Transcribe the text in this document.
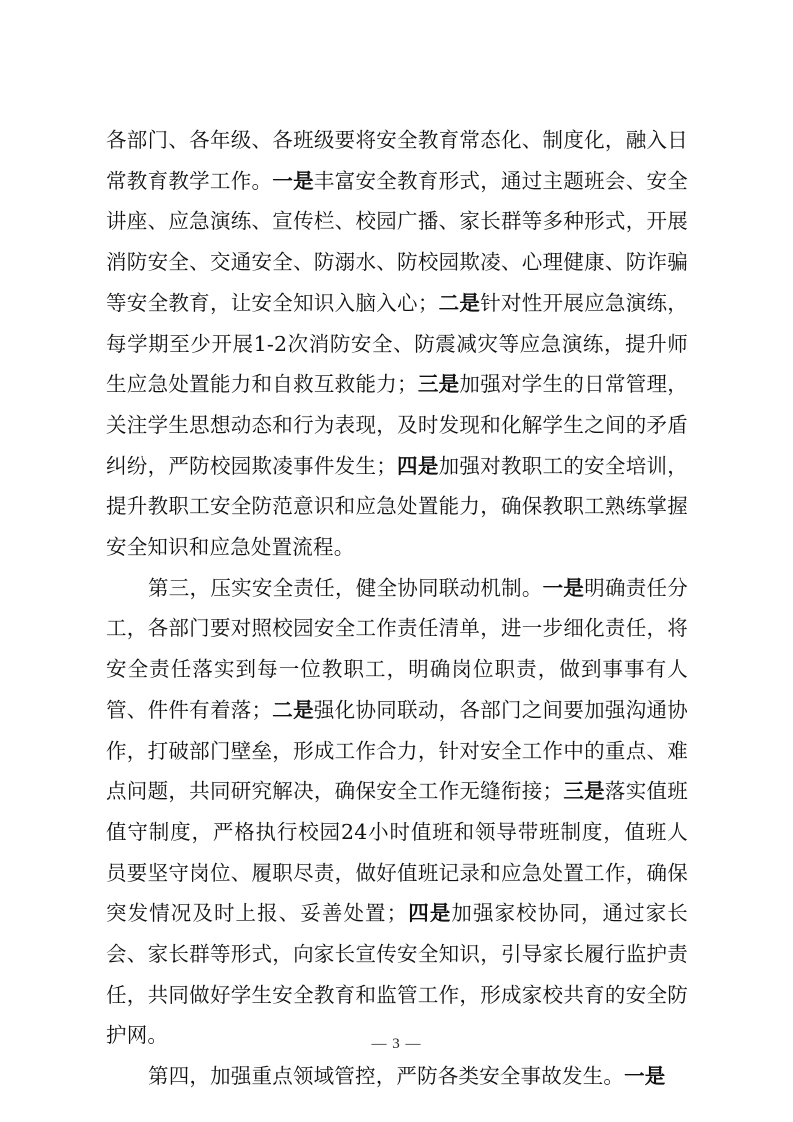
各部门、各年级、各班级要将安全教育常态化、制度化，融入日常教育教学工作。一是丰富安全教育形式，通过主题班会、安全讲座、应急演练、宣传栏、校园广播、家长群等多种形式，开展消防安全、交通安全、防溺水、防校园欺凌、心理健康、防诈骗等安全教育，让安全知识入脑入心；二是针对性开展应急演练，每学期至少开展1-2次消防安全、防震减灾等应急演练，提升师生应急处置能力和自救互救能力；三是加强对学生的日常管理，关注学生思想动态和行为表现，及时发现和化解学生之间的矛盾纠纷，严防校园欺凌事件发生；四是加强对教职工的安全培训，提升教职工安全防范意识和应急处置能力，确保教职工熟练掌握安全知识和应急处置流程。

第三，压实安全责任，健全协同联动机制。一是明确责任分工，各部门要对照校园安全工作责任清单，进一步细化责任，将安全责任落实到每一位教职工，明确岗位职责，做到事事有人管、件件有着落；二是强化协同联动，各部门之间要加强沟通协作，打破部门壁垒，形成工作合力，针对安全工作中的重点、难点问题，共同研究解决，确保安全工作无缝衔接；三是落实值班值守制度，严格执行校园24小时值班和领导带班制度，值班人员要坚守岗位、履职尽责，做好值班记录和应急处置工作，确保突发情况及时上报、妥善处置；四是加强家校协同，通过家长会、家长群等形式，向家长宣传安全知识，引导家长履行监护责任，共同做好学生安全教育和监管工作，形成家校共育的安全防护网。

第四，加强重点领域管控，严防各类安全事故发生。一是

— 3 —
